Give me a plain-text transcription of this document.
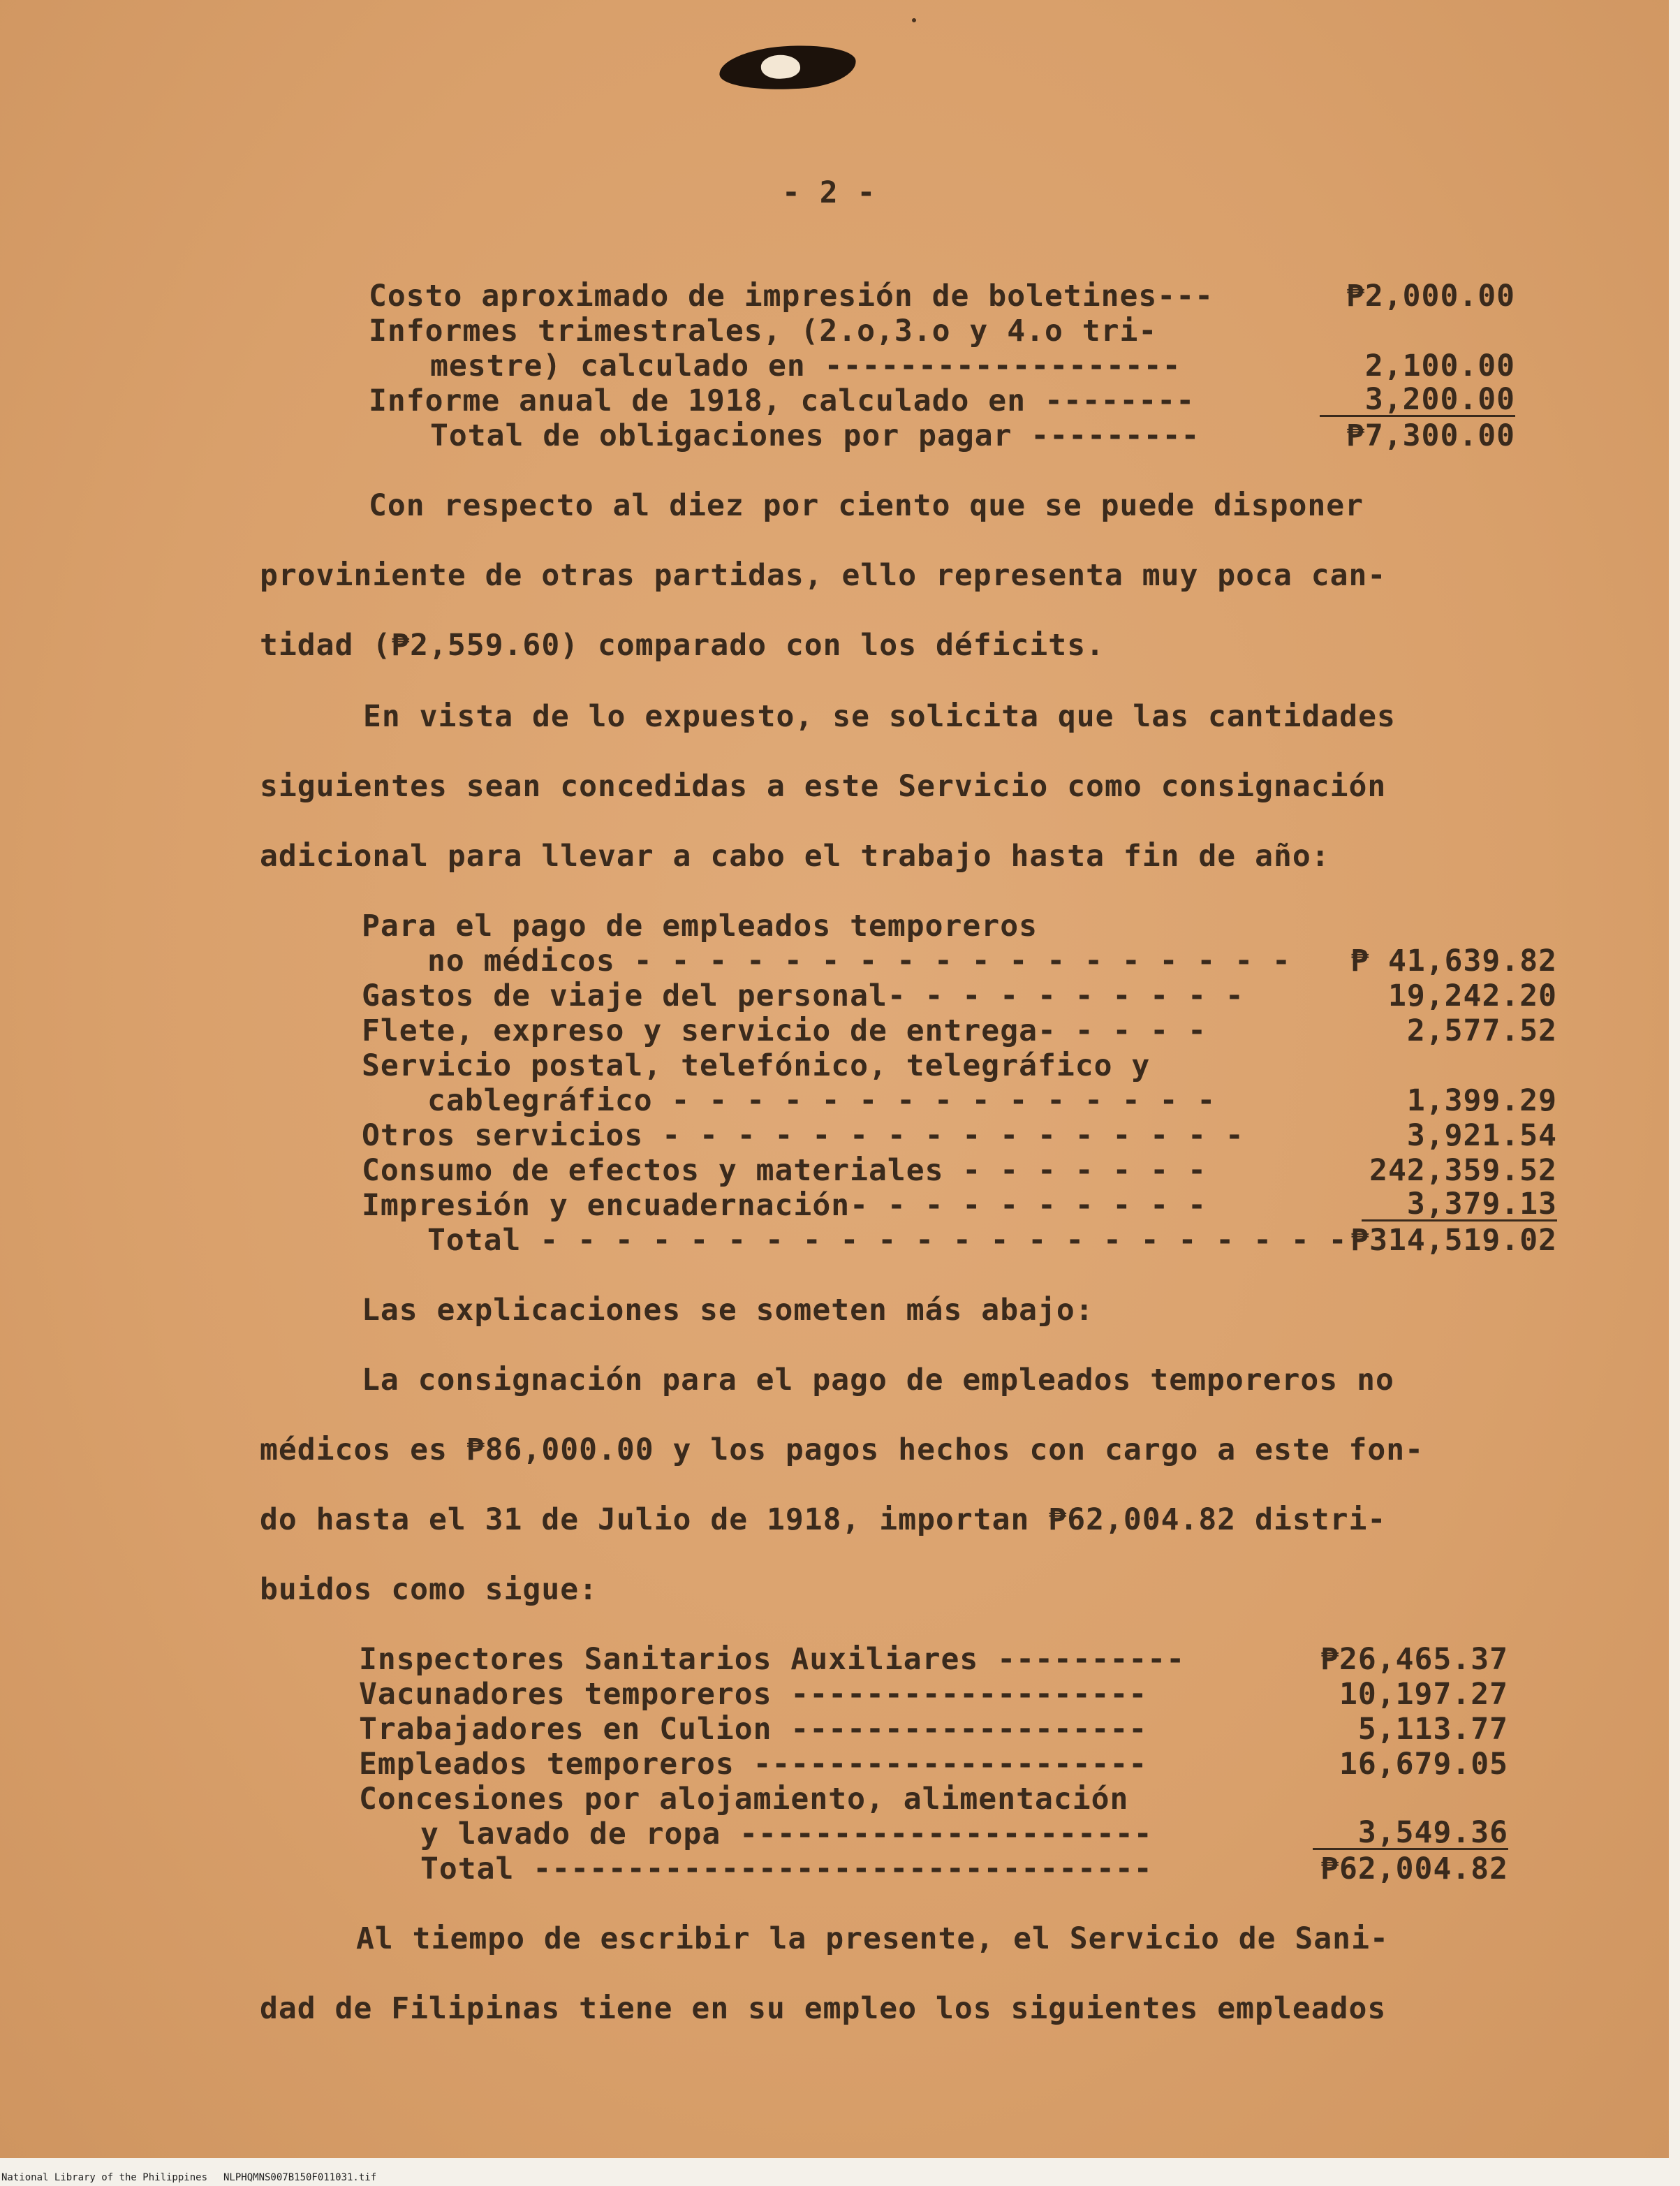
- 2 -
Costo aproximado de impresión de boletines---	₱2,000.00
Informes trimestrales, (2.o,3.o y 4.o tri-
mestre) calculado en -------------------	2,100.00
Informe anual de 1918, calculado en --------	3,200.00
Total de obligaciones por pagar ---------	₱7,300.00
Con respecto al diez por ciento que se puede disponer
proviniente de otras partidas, ello representa muy poca can-
tidad (₱2,559.60) comparado con los déficits.
En vista de lo expuesto, se solicita que las cantidades
siguientes sean concedidas a este Servicio como consignación
adicional para llevar a cabo el trabajo hasta fin de año:
Para el pago de empleados temporeros
no médicos - - - - - - - - - - - - - - - - - -	₱ 41,639.82
Gastos de viaje del personal- - - - - - - - - -	19,242.20
Flete, expreso y servicio de entrega- - - - -	2,577.52
Servicio postal, telefónico, telegráfico y
cablegráfico - - - - - - - - - - - - - - -	1,399.29
Otros servicios - - - - - - - - - - - - - - - -	3,921.54
Consumo de efectos y materiales - - - - - - -	242,359.52
Impresión y encuadernación- - - - - - - - - -	3,379.13
Total - - - - - - - - - - - - - - - - - - - - - - ₱314,519.02
Las explicaciones se someten más abajo:
La consignación para el pago de empleados temporeros no
médicos es ₱86,000.00 y los pagos hechos con cargo a este fon-
do hasta el 31 de Julio de 1918, importan ₱62,004.82 distri-
buidos como sigue:
Inspectores Sanitarios Auxiliares ----------	₱26,465.37
Vacunadores temporeros -------------------	10,197.27
Trabajadores en Culion -------------------	5,113.77
Empleados temporeros ---------------------	16,679.05
Concesiones por alojamiento, alimentación
y lavado de ropa ----------------------	3,549.36
Total ---------------------------------	₱62,004.82
Al tiempo de escribir la presente, el Servicio de Sani-
dad de Filipinas tiene en su empleo los siguientes empleados
National Library of the Philippines NLPHQMNS007B150F011031.tif
